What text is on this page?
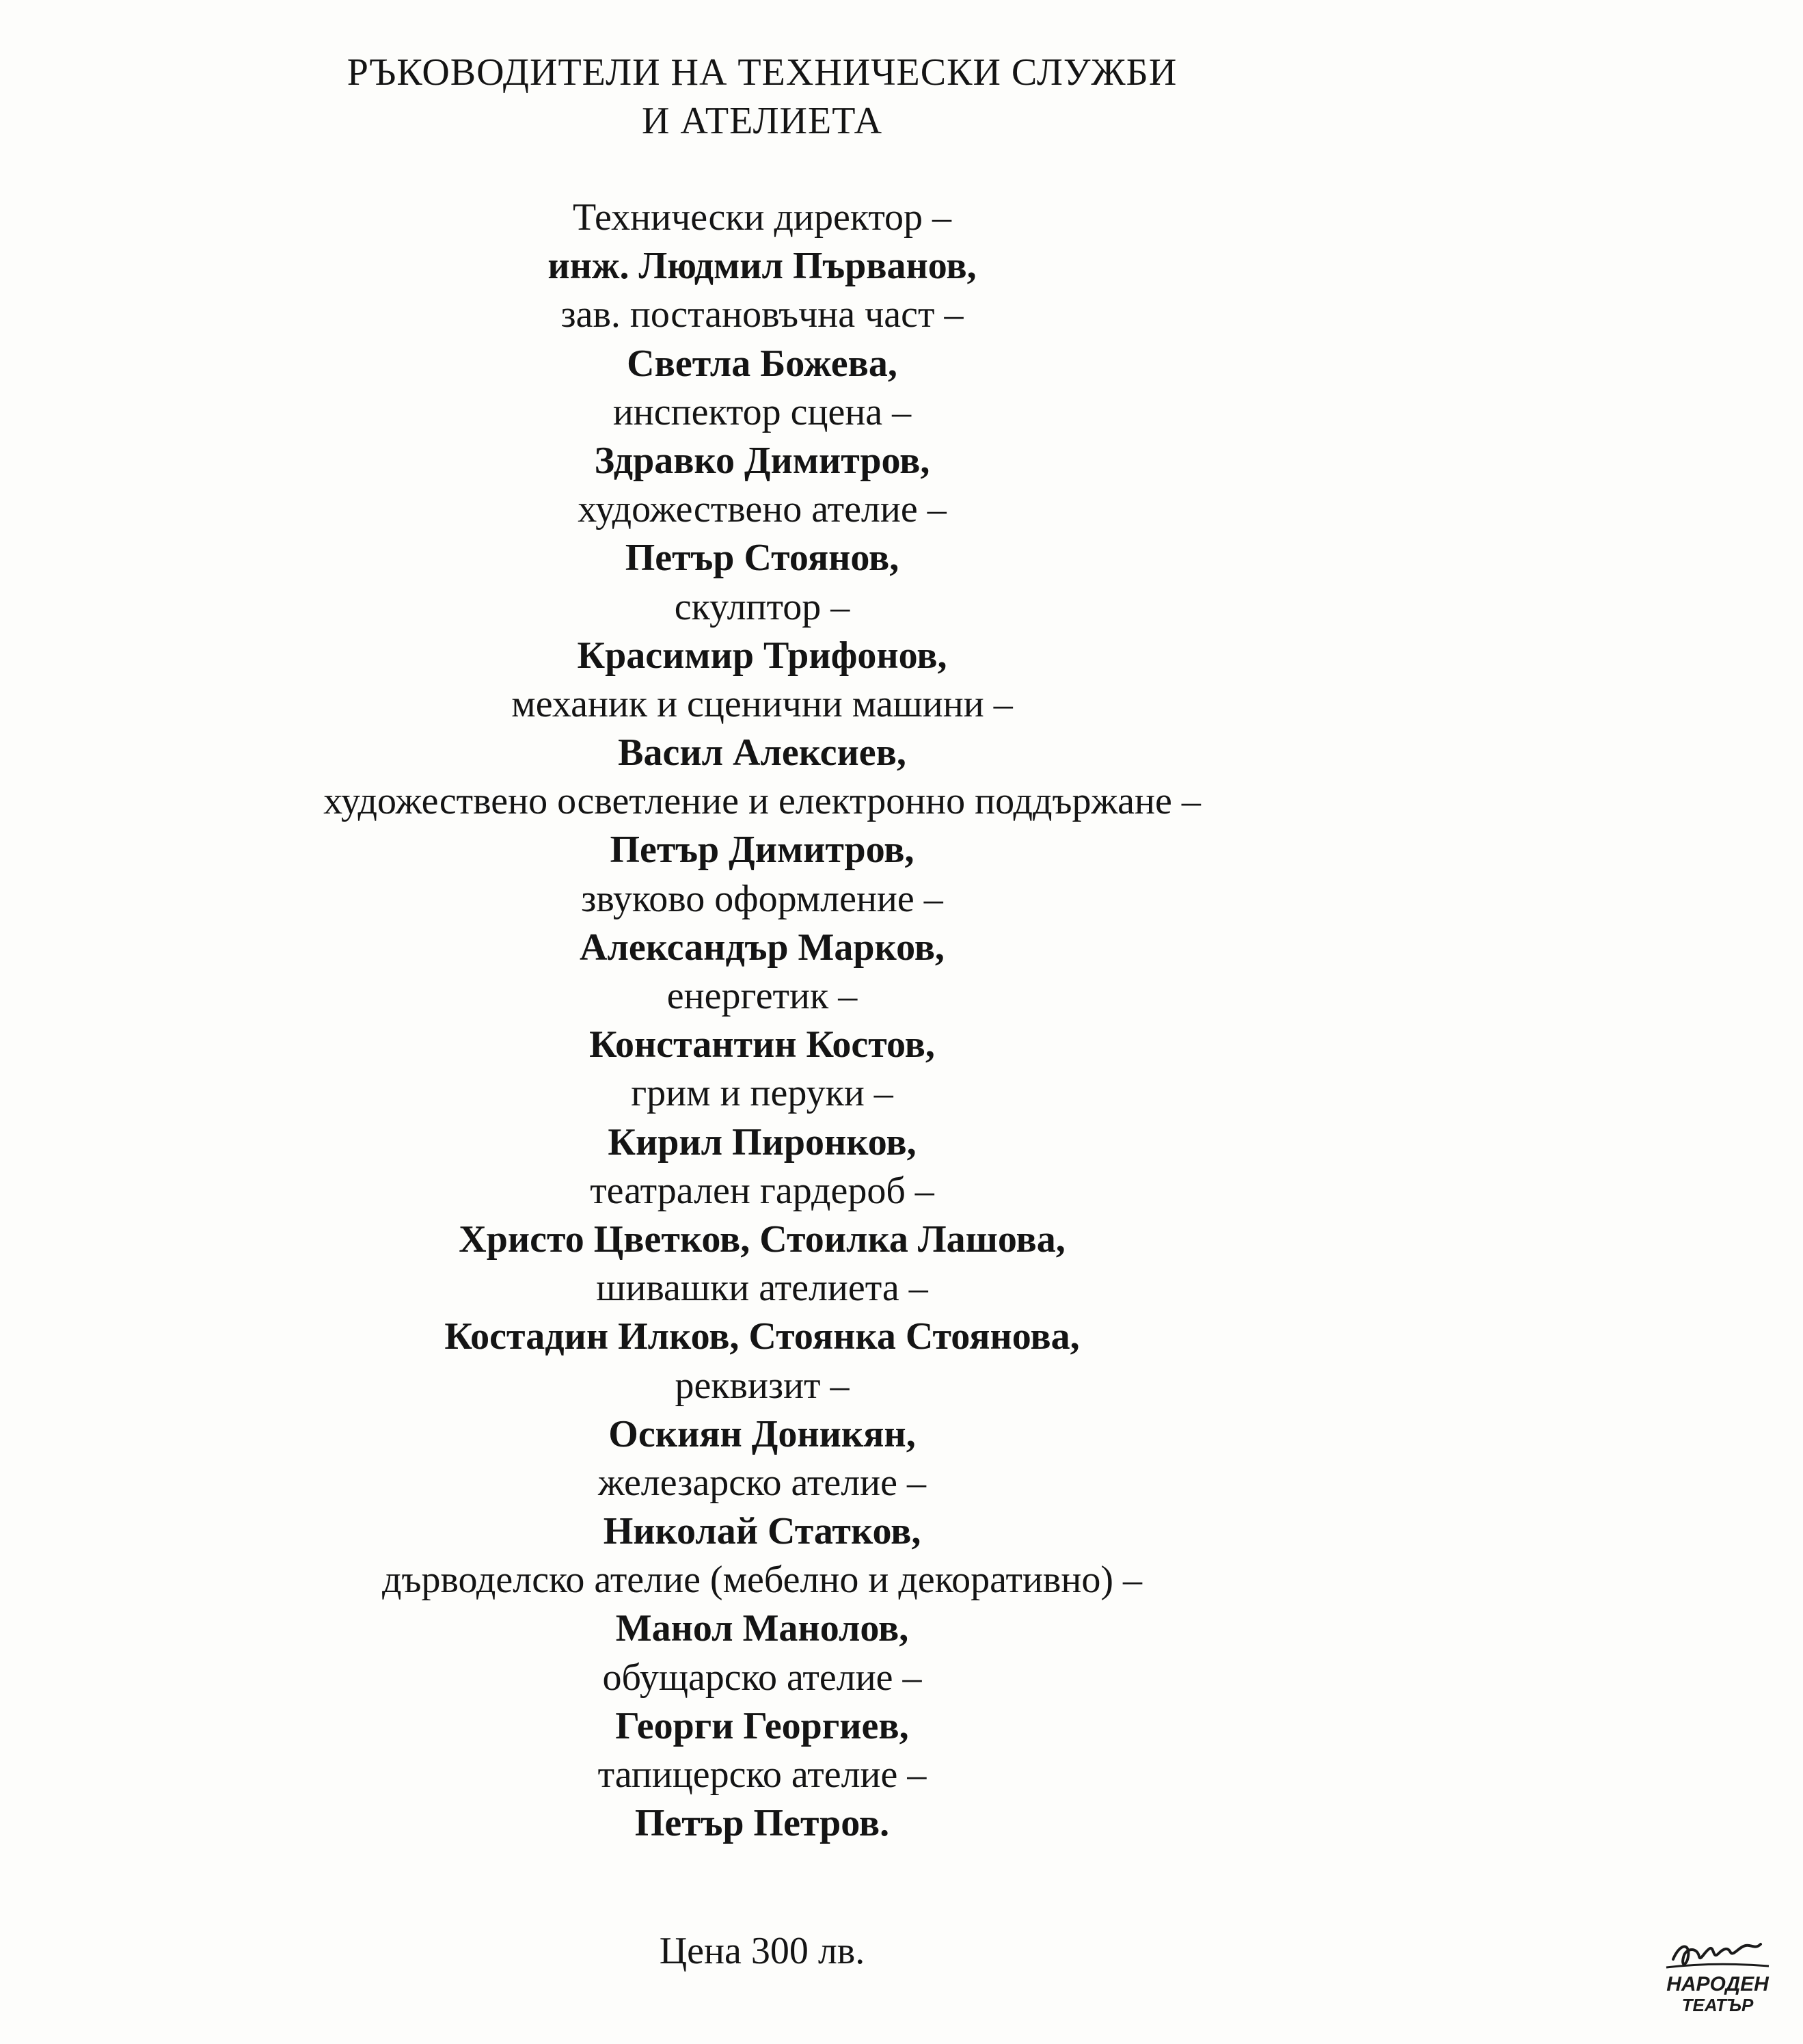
РЪКОВОДИТЕЛИ НА ТЕХНИЧЕСКИ СЛУЖБИ
И АТЕЛИЕТА
Технически директор –
инж. Людмил Първанов,
зав. постановъчна част –
Светла Божева,
инспектор сцена –
Здравко Димитров,
художествено ателие –
Петър Стоянов,
скулптор –
Красимир Трифонов,
механик и сценични машини –
Васил Алексиев,
художествено осветление и електронно поддържане –
Петър Димитров,
звуково оформление –
Александър Марков,
енергетик –
Константин Костов,
грим и перуки –
Кирил Пиронков,
театрален гардероб –
Христо Цветков, Стоилка Лашова,
шивашки ателиета –
Костадин Илков, Стоянка Стоянова,
реквизит –
Оскиян Доникян,
железарско ателие –
Николай Статков,
дърводелско ателие (мебелно и декоративно) –
Манол Манолов,
обущарско ателие –
Георги Георгиев,
тапицерско ателие –
Петър Петров.
Цена 300 лв.
НАРОДЕН
ТЕАТЪР
